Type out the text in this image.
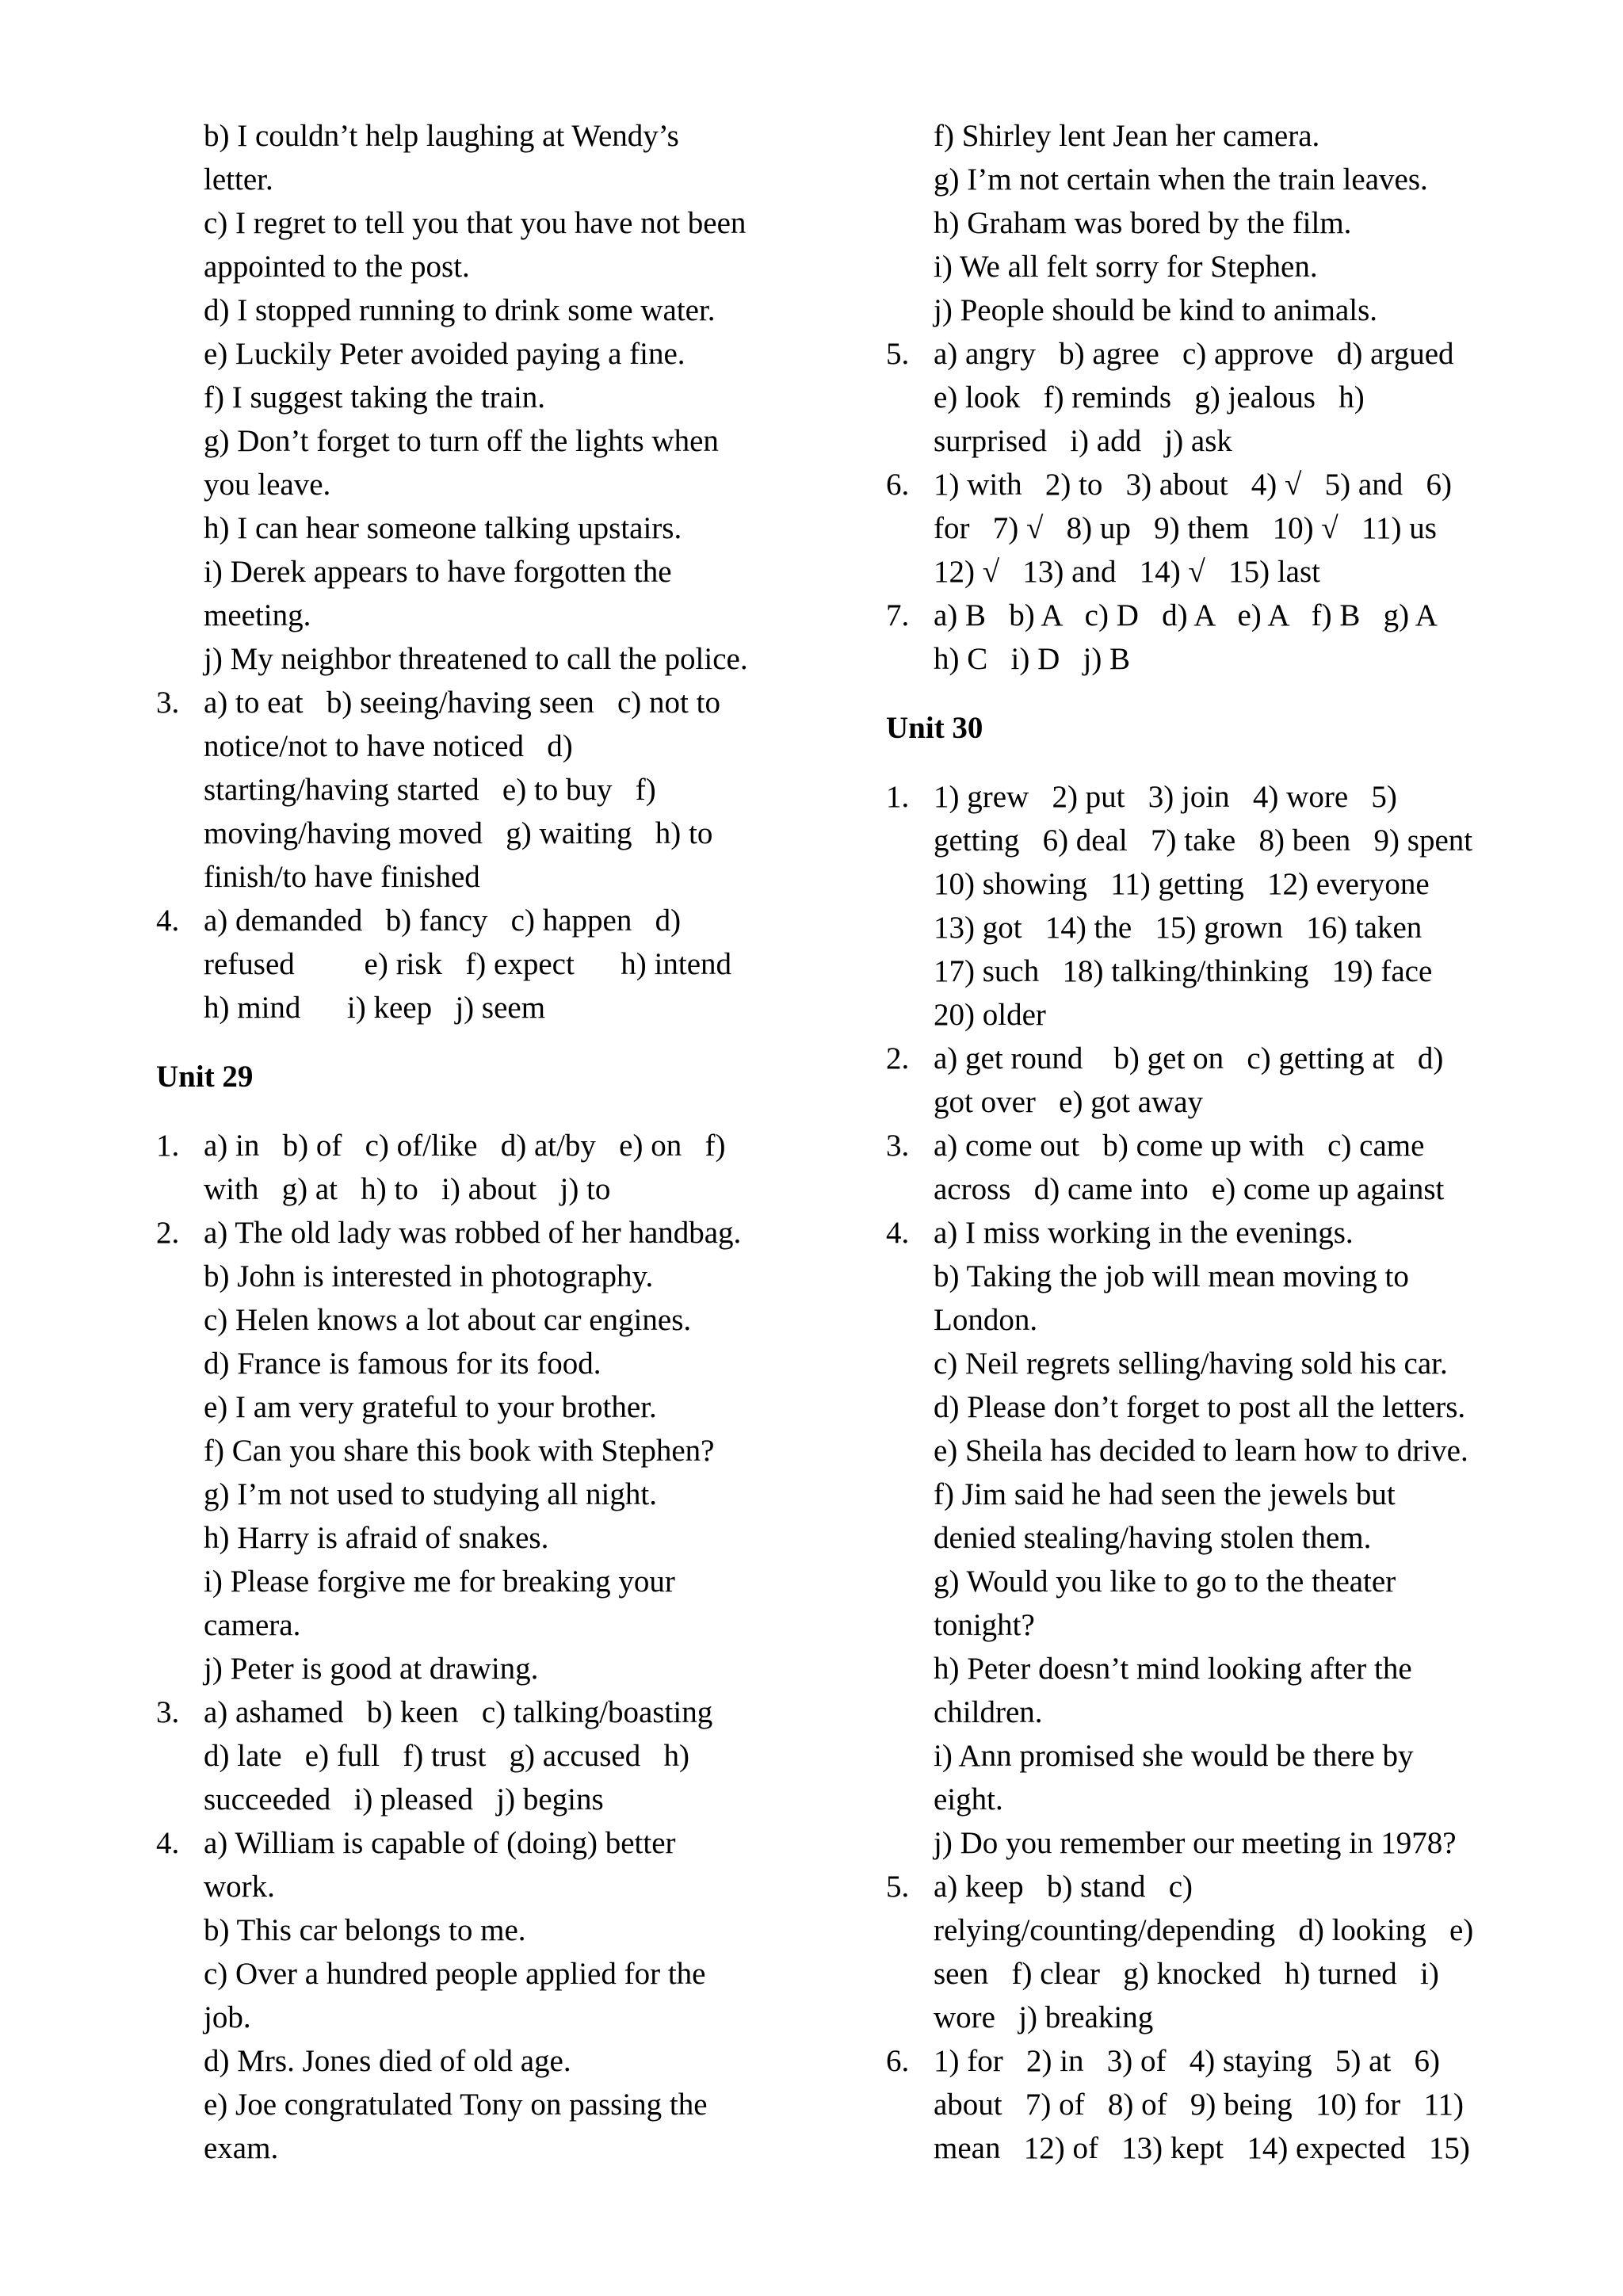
b) I couldn’t help laughing at Wendy’s
letter.
c) I regret to tell you that you have not been
appointed to the post.
d) I stopped running to drink some water.
e) Luckily Peter avoided paying a fine.
f) I suggest taking the train.
g) Don’t forget to turn off the lights when
you leave.
h) I can hear someone talking upstairs.
i) Derek appears to have forgotten the
meeting.
j) My neighbor threatened to call the police.
3. a) to eat   b) seeing/having seen   c) not to
notice/not to have noticed   d)
starting/having started   e) to buy   f)
moving/having moved   g) waiting   h) to
finish/to have finished
4. a) demanded   b) fancy   c) happen   d)
refused         e) risk   f) expect      h) intend
h) mind      i) keep   j) seem
Unit 29
1. a) in   b) of   c) of/like   d) at/by   e) on   f)
with   g) at   h) to   i) about   j) to
2. a) The old lady was robbed of her handbag.
b) John is interested in photography.
c) Helen knows a lot about car engines.
d) France is famous for its food.
e) I am very grateful to your brother.
f) Can you share this book with Stephen?
g) I’m not used to studying all night.
h) Harry is afraid of snakes.
i) Please forgive me for breaking your
camera.
j) Peter is good at drawing.
3. a) ashamed   b) keen   c) talking/boasting
d) late   e) full   f) trust   g) accused   h)
succeeded   i) pleased   j) begins
4. a) William is capable of (doing) better
work.
b) This car belongs to me.
c) Over a hundred people applied for the
job.
d) Mrs. Jones died of old age.
e) Joe congratulated Tony on passing the
exam.
f) Shirley lent Jean her camera.
g) I’m not certain when the train leaves.
h) Graham was bored by the film.
i) We all felt sorry for Stephen.
j) People should be kind to animals.
5. a) angry   b) agree   c) approve   d) argued
e) look   f) reminds   g) jealous   h)
surprised   i) add   j) ask
6. 1) with   2) to   3) about   4) √   5) and   6)
for   7) √   8) up   9) them   10) √   11) us
12) √   13) and   14) √   15) last
7. a) B   b) A   c) D   d) A   e) A   f) B   g) A
h) C   i) D   j) B
Unit 30
1. 1) grew   2) put   3) join   4) wore   5)
getting   6) deal   7) take   8) been   9) spent
10) showing   11) getting   12) everyone
13) got   14) the   15) grown   16) taken
17) such   18) talking/thinking   19) face
20) older
2. a) get round    b) get on   c) getting at   d)
got over   e) got away
3. a) come out   b) come up with   c) came
across   d) came into   e) come up against
4. a) I miss working in the evenings.
b) Taking the job will mean moving to
London.
c) Neil regrets selling/having sold his car.
d) Please don’t forget to post all the letters.
e) Sheila has decided to learn how to drive.
f) Jim said he had seen the jewels but
denied stealing/having stolen them.
g) Would you like to go to the theater
tonight?
h) Peter doesn’t mind looking after the
children.
i) Ann promised she would be there by
eight.
j) Do you remember our meeting in 1978?
5. a) keep   b) stand   c)
relying/counting/depending   d) looking   e)
seen   f) clear   g) knocked   h) turned   i)
wore   j) breaking
6. 1) for   2) in   3) of   4) staying   5) at   6)
about   7) of   8) of   9) being   10) for   11)
mean   12) of   13) kept   14) expected   15)
